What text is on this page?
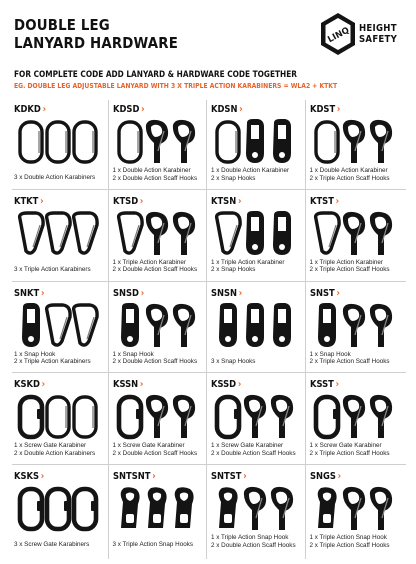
DOUBLE LEG
LANYARD HARDWARE	LINQ HEIGHT
SAFETY
FOR COMPLETE CODE ADD LANYARD & HARDWARE CODE TOGETHER
EG. DOUBLE LEG ADJUSTABLE LANYARD WITH 3 X TRIPLE ACTION KARABINERS = WLA2 + KTKT
KDKD ›
3 x Double Action Karabiners
KDSD ›
1 x Double Action Karabiner
2 x Double Action Scaff Hooks
KDSN ›
1 x Double Action Karabiner
2 x Snap Hooks
KDST ›
1 x Double Action Karabiner
2 x Triple Action Scaff Hooks
KTKT ›
3 x Triple Action Karabiners
KTSD ›
1 x Triple Action Karabiner
2 x Double Action Scaff Hooks
KTSN ›
1 x Triple Action Karabiner
2 x Snap Hooks
KTST ›
1 x Triple Action Karabiner
2 x Triple Action Scaff Hooks
SNKT ›
1 x Snap Hook
2 x Triple Action Karabiners
SNSD ›
1 x Snap Hook
2 x Double Action Scaff Hooks
SNSN ›
3 x Snap Hooks
SNST ›
1 x Snap Hook
2 x Triple Action Scaff Hooks
KSKD ›
1 x Screw Gate Karabiner
2 x Double Action Karabiners
KSSN ›
1 x Screw Gate Karabiner
2 x Double Action Scaff Hooks
KSSD ›
1 x Screw Gate Karabiner
2 x Double Action Scaff Hooks
KSST ›
1 x Screw Gate Karabiner
2 x Triple Action Scaff Hooks
KSKS ›
3 x Screw Gate Karabiners
SNTSNT ›
3 x Triple Action Snap Hooks
SNTST ›
1 x Triple Action Snap Hook
2 x Double Action Scaff Hooks
SNGS ›
1 x Triple Action Snap Hook
2 x Triple Action Scaff Hooks
